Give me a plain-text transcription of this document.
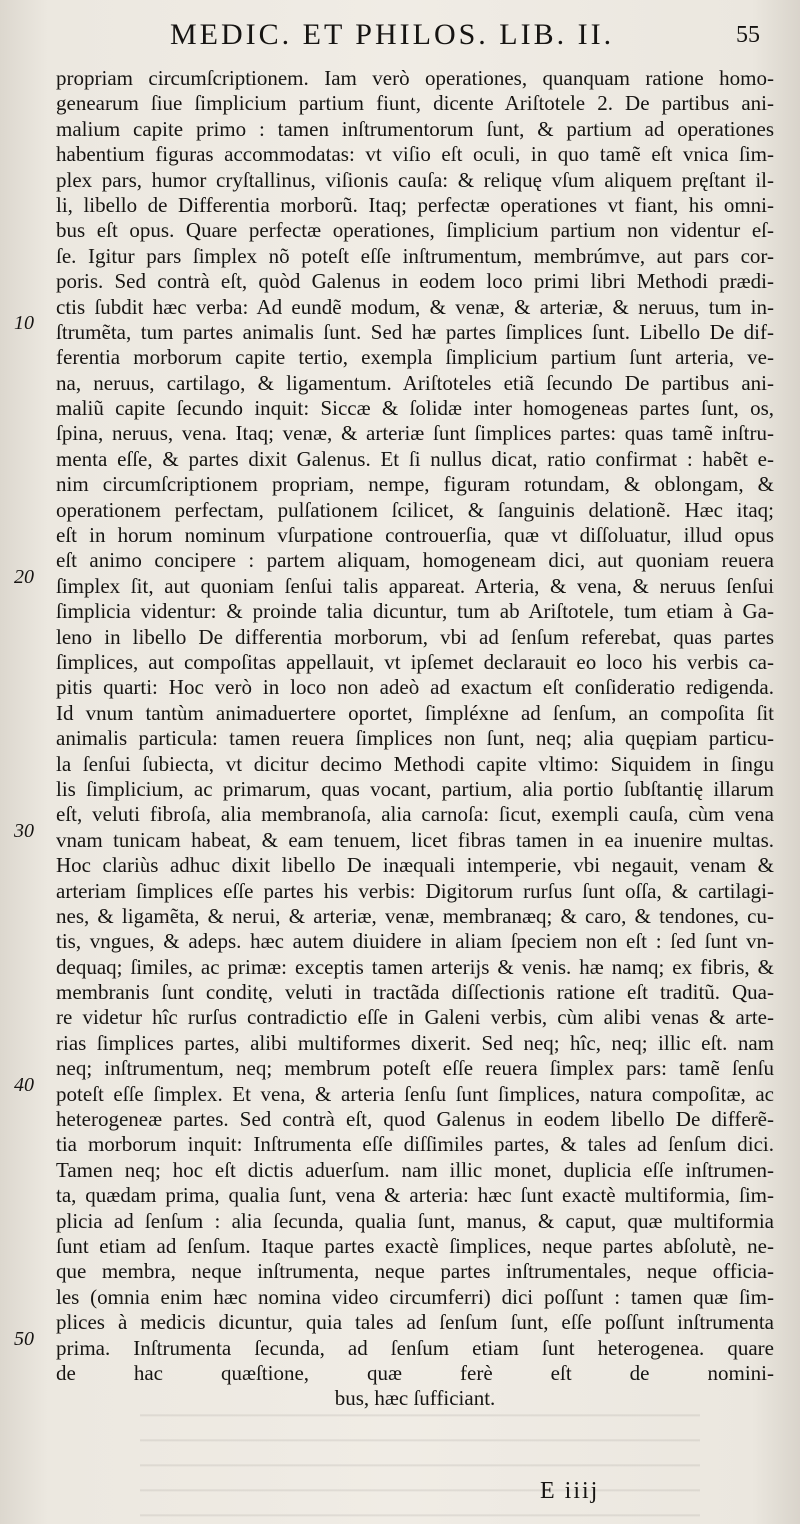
MEDIC. ET PHILOS. LIB. II.	55
propriam circumſcriptionem. Iam verò operationes, quanquam ratione homo-
genearum ſiue ſimplicium partium fiunt, dicente Ariſtotele 2. De partibus ani-
malium capite primo : tamen inſtrumentorum ſunt, & partium ad operationes
habentium figuras accommodatas: vt viſio eſt oculi, in quo tamẽ eſt vnica ſim-
plex pars, humor cryſtallinus, viſionis cauſa: & reliquę vſum aliquem pręſtant il-
li, libello de Differentia morborũ. Itaq; perfectæ operationes vt fiant, his omni-
bus eſt opus. Quare perfectæ operationes, ſimplicium partium non videntur eſ-
ſe. Igitur pars ſimplex nõ poteſt eſſe inſtrumentum, membrúmve, aut pars cor-
poris. Sed contrà eſt, quòd Galenus in eodem loco primi libri Methodi prædi-
ctis ſubdit hæc verba: Ad eundẽ modum, & venæ, & arteriæ, & neruus, tum in-
ſtrumẽta, tum partes animalis ſunt. Sed hæ partes ſimplices ſunt. Libello De dif-
ferentia morborum capite tertio, exempla ſimplicium partium ſunt arteria, ve-
na, neruus, cartilago, & ligamentum. Ariſtoteles etiã ſecundo De partibus ani-
maliũ capite ſecundo inquit: Siccæ & ſolidæ inter homogeneas partes ſunt, os,
ſpina, neruus, vena. Itaq; venæ, & arteriæ ſunt ſimplices partes: quas tamẽ inſtru-
menta eſſe, & partes dixit Galenus. Et ſi nullus dicat, ratio confirmat : habẽt e-
nim circumſcriptionem propriam, nempe, figuram rotundam, & oblongam, &
operationem perfectam, pulſationem ſcilicet, & ſanguinis delationẽ. Hæc itaq;
eſt in horum nominum vſurpatione controuerſia, quæ vt diſſoluatur, illud opus
eſt animo concipere : partem aliquam, homogeneam dici, aut quoniam reuera
ſimplex ſit, aut quoniam ſenſui talis appareat. Arteria, & vena, & neruus ſenſui
ſimplicia videntur: & proinde talia dicuntur, tum ab Ariſtotele, tum etiam à Ga-
leno in libello De differentia morborum, vbi ad ſenſum referebat, quas partes
ſimplices, aut compoſitas appellauit, vt ipſemet declarauit eo loco his verbis ca-
pitis quarti: Hoc verò in loco non adeò ad exactum eſt conſideratio redigenda.
Id vnum tantùm animaduertere oportet, ſimpléxne ad ſenſum, an compoſita ſit
animalis particula: tamen reuera ſimplices non ſunt, neq; alia quępiam particu-
la ſenſui ſubiecta, vt dicitur decimo Methodi capite vltimo: Siquidem in ſingu
lis ſimplicium, ac primarum, quas vocant, partium, alia portio ſubſtantię illarum
eſt, veluti fibroſa, alia membranoſa, alia carnoſa: ſicut, exempli cauſa, cùm vena
vnam tunicam habeat, & eam tenuem, licet fibras tamen in ea inuenire multas.
Hoc clariùs adhuc dixit libello De inæquali intemperie, vbi negauit, venam &
arteriam ſimplices eſſe partes his verbis: Digitorum rurſus ſunt oſſa, & cartilagi-
nes, & ligamẽta, & nerui, & arteriæ, venæ, membranæq; & caro, & tendones, cu-
tis, vngues, & adeps. hæc autem diuidere in aliam ſpeciem non eſt : ſed ſunt vn-
dequaq; ſimiles, ac primæ: exceptis tamen arterijs & venis. hæ namq; ex fibris, &
membranis ſunt conditę, veluti in tractãda diſſectionis ratione eſt traditũ. Qua-
re videtur hîc rurſus contradictio eſſe in Galeni verbis, cùm alibi venas & arte-
rias ſimplices partes, alibi multiformes dixerit. Sed neq; hîc, neq; illic eſt. nam
neq; inſtrumentum, neq; membrum poteſt eſſe reuera ſimplex pars: tamẽ ſenſu
poteſt eſſe ſimplex. Et vena, & arteria ſenſu ſunt ſimplices, natura compoſitæ, ac
heterogeneæ partes. Sed contrà eſt, quod Galenus in eodem libello De differẽ-
tia morborum inquit: Inſtrumenta eſſe diſſimiles partes, & tales ad ſenſum dici.
Tamen neq; hoc eſt dictis aduerſum. nam illic monet, duplicia eſſe inſtrumen-
ta, quædam prima, qualia ſunt, vena & arteria: hæc ſunt exactè multiformia, ſim-
plicia ad ſenſum : alia ſecunda, qualia ſunt, manus, & caput, quæ multiformia
ſunt etiam ad ſenſum. Itaque partes exactè ſimplices, neque partes abſolutè, ne-
que membra, neque inſtrumenta, neque partes inſtrumentales, neque officia-
les (omnia enim hæc nomina video circumferri) dici poſſunt : tamen quæ ſim-
plices à medicis dicuntur, quia tales ad ſenſum ſunt, eſſe poſſunt inſtrumenta
prima. Inſtrumenta ſecunda, ad ſenſum etiam ſunt heterogenea. quare
de hac quæſtione, quæ ferè eſt de nomini-
bus, hæc ſufficiant.
10
20
30
40
50
E iiij
